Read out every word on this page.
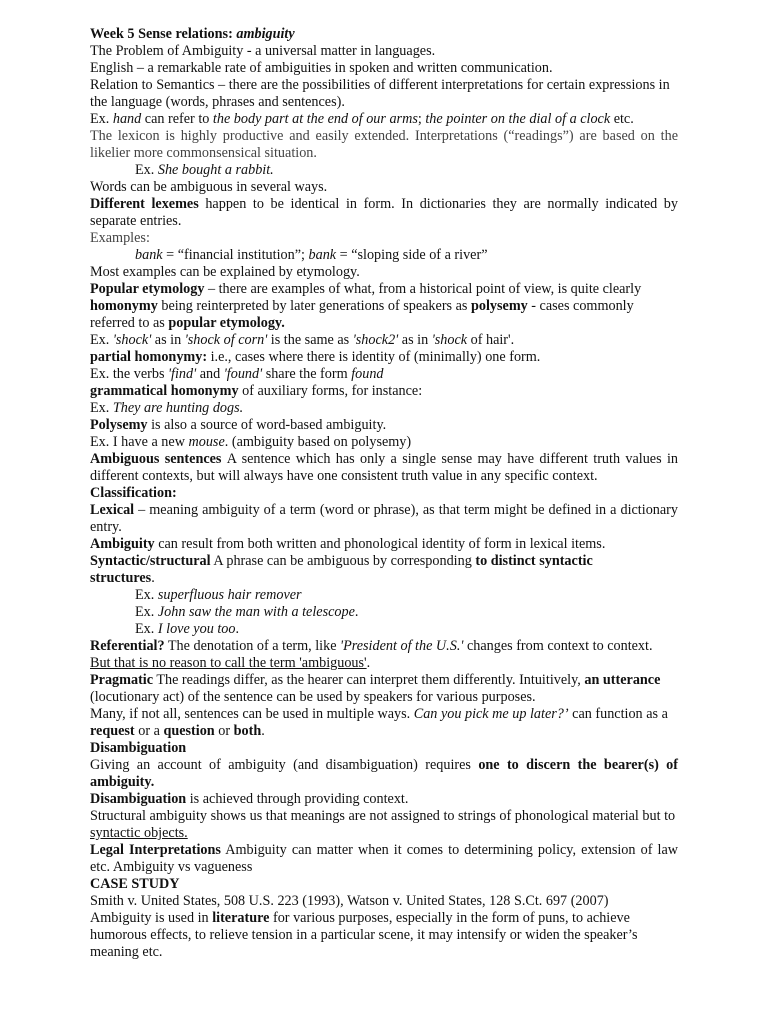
Week 5 Sense relations: ambiguity

The Problem of Ambiguity - a universal matter in languages.

English – a remarkable rate of ambiguities in spoken and written communication.

Relation to Semantics – there are the possibilities of different interpretations for certain expressions in the language (words, phrases and sentences).

Ex. hand can refer to the body part at the end of our arms; the pointer on the dial of a clock etc.

The lexicon is highly productive and easily extended. Interpretations (“readings”) are based on the likelier more commonsensical situation.

Ex. She bought a rabbit.

Words can be ambiguous in several ways.

Different lexemes happen to be identical in form. In dictionaries they are normally indicated by separate entries.

Examples:

bank = “financial institution”; bank = “sloping side of a river”

Most examples can be explained by etymology.

Popular etymology – there are examples of what, from a historical point of view, is quite clearly homonymy being reinterpreted by later generations of speakers as polysemy - cases commonly referred to as popular etymology.

Ex. 'shock' as in 'shock of corn' is the same as 'shock2' as in 'shock of hair'.

partial homonymy: i.e., cases where there is identity of (minimally) one form.

Ex. the verbs 'find' and 'found' share the form found

grammatical homonymy of auxiliary forms, for instance:

Ex. They are hunting dogs.

Polysemy is also a source of word-based ambiguity.

Ex. I have a new mouse. (ambiguity based on polysemy)

Ambiguous sentences A sentence which has only a single sense may have different truth values in different contexts, but will always have one consistent truth value in any specific context.

Classification:

Lexical – meaning ambiguity of a term (word or phrase), as that term might be defined in a dictionary entry.

Ambiguity can result from both written and phonological identity of form in lexical items.

Syntactic/structural A phrase can be ambiguous by corresponding to distinct syntactic structures.

Ex. superfluous hair remover

Ex. John saw the man with a telescope.

Ex. I love you too.

Referential? The denotation of a term, like 'President of the U.S.' changes from context to context.
But that is no reason to call the term 'ambiguous'.

Pragmatic The readings differ, as the hearer can interpret them differently. Intuitively, an utterance (locutionary act) of the sentence can be used by speakers for various purposes.

Many, if not all, sentences can be used in multiple ways. Can you pick me up later?’ can function as a request or a question or both.

Disambiguation

Giving an account of ambiguity (and disambiguation) requires one to discern the bearer(s) of ambiguity.

Disambiguation is achieved through providing context.

Structural ambiguity shows us that meanings are not assigned to strings of phonological material but to syntactic objects.

Legal Interpretations Ambiguity can matter when it comes to determining policy, extension of law etc. Ambiguity vs vagueness

CASE STUDY

Smith v. United States, 508 U.S. 223 (1993), Watson v. United States, 128 S.Ct. 697 (2007)

Ambiguity is used in literature for various purposes, especially in the form of puns, to achieve humorous effects, to relieve tension in a particular scene, it may intensify or widen the speaker’s meaning etc.
